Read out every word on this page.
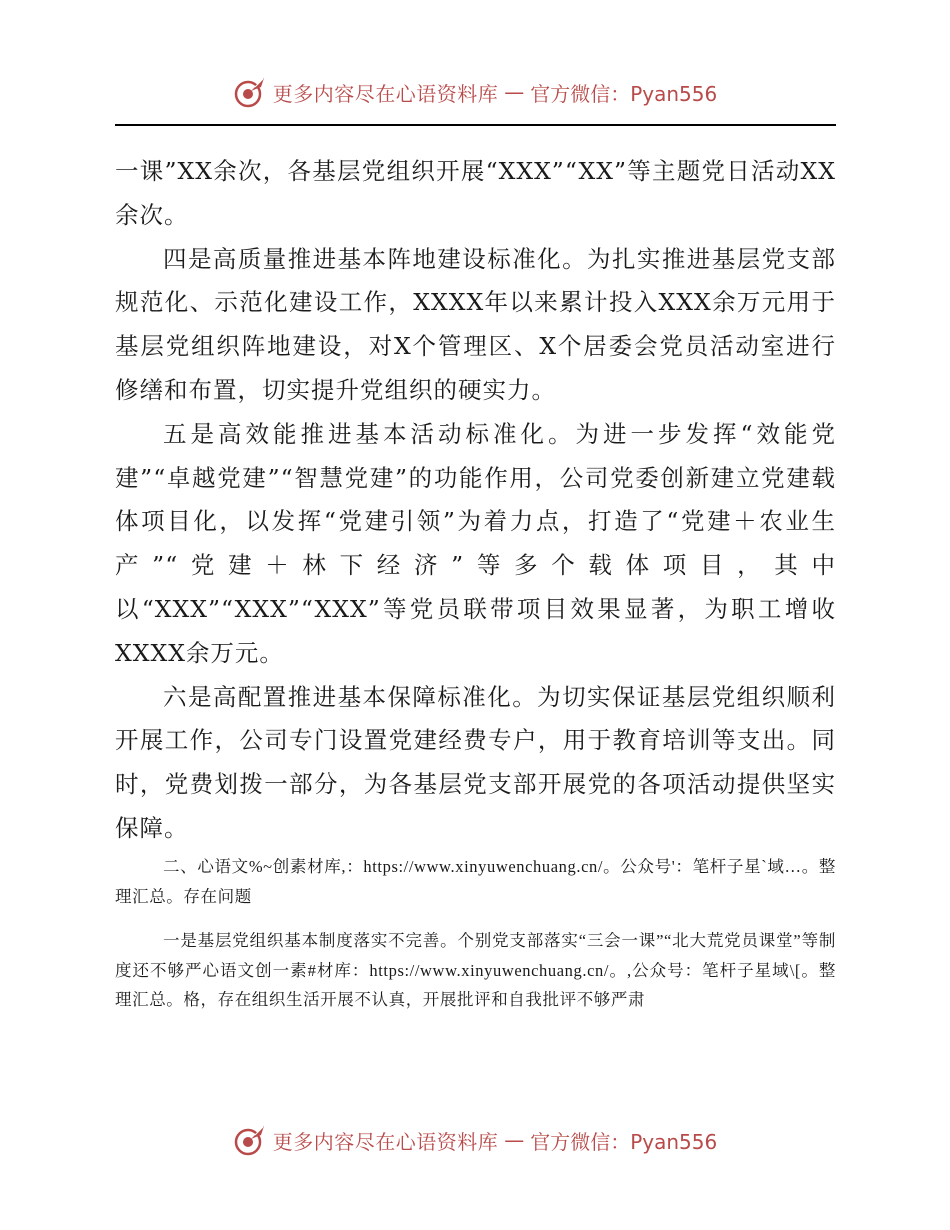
更多内容尽在心语资料库 — 官方微信：Pyan556

一课”XX余次，各基层党组织开展“XXX”“XX”等主题党日活动XX余次。

四是高质量推进基本阵地建设标准化。为扎实推进基层党支部规范化、示范化建设工作，XXXX年以来累计投入XXX余万元用于基层党组织阵地建设，对X个管理区、X个居委会党员活动室进行修缮和布置，切实提升党组织的硬实力。

五是高效能推进基本活动标准化。为进一步发挥“效能党建”“卓越党建”“智慧党建”的功能作用，公司党委创新建立党建载体项目化，以发挥“党建引领”为着力点，打造了“党建＋农业生产”“党建＋林下经济”等多个载体项目，其中以“XXX”“XXX”“XXX”等党员联带项目效果显著，为职工增收XXXX余万元。

六是高配置推进基本保障标准化。为切实保证基层党组织顺利开展工作，公司专门设置党建经费专户，用于教育培训等支出。同时，党费划拨一部分，为各基层党支部开展党的各项活动提供坚实保障。

二、心语文%~创素材库,：https://www.xinyuwenchuang.cn/。公众号'：笔杆子星`域…。整理汇总。存在问题

一是基层党组织基本制度落实不完善。个别党支部落实“三会一课”“北大荒党员课堂”等制度还不够严心语文创一素#材库：https://www.xinyuwenchuang.cn/。,公众号：笔杆子星域\[。整理汇总。格，存在组织生活开展不认真，开展批评和自我批评不够严肃

更多内容尽在心语资料库 — 官方微信：Pyan556
